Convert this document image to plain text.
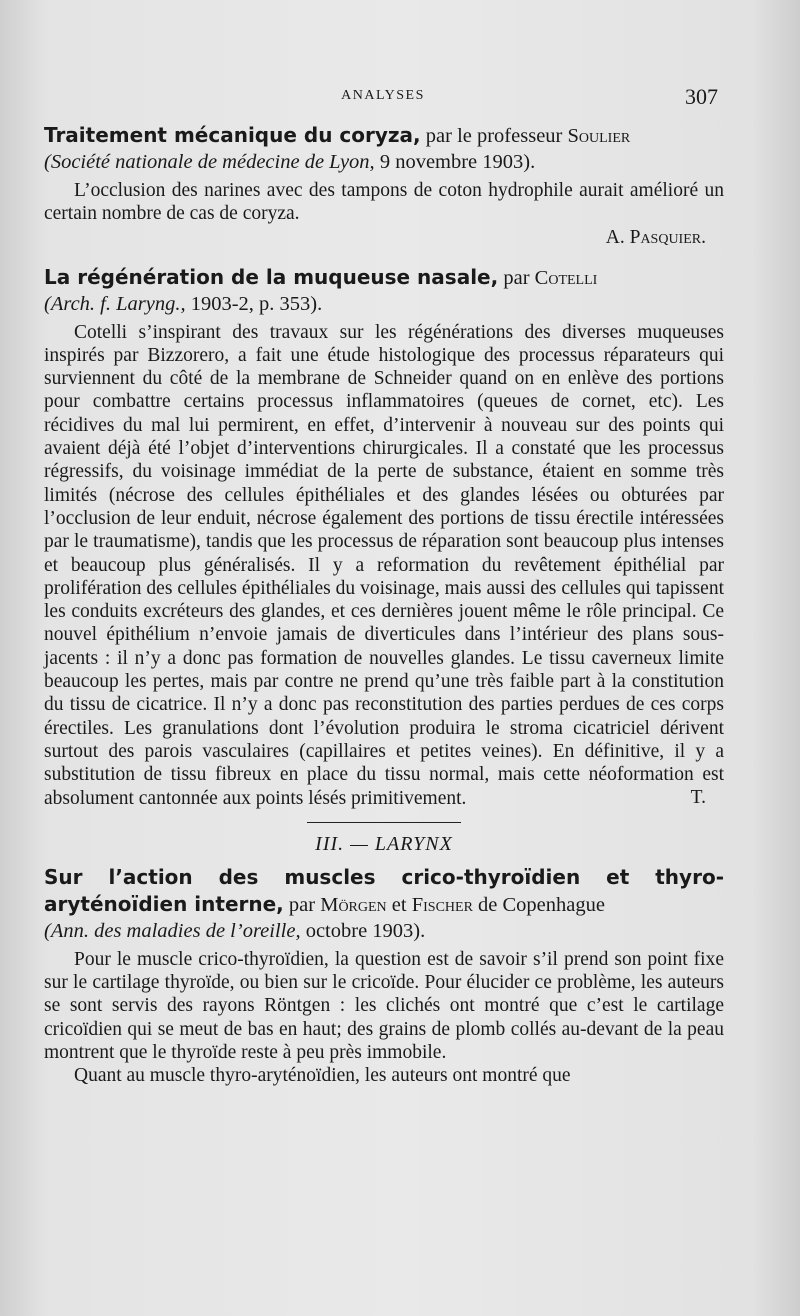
ANALYSES	307

Traitement mécanique du coryza, par le professeur Soulier
(Société nationale de médecine de Lyon, 9 novembre 1903).

L’occlusion des narines avec des tampons de coton hydrophile aurait amélioré un certain nombre de cas de coryza.

A. Pasquier.

La régénération de la muqueuse nasale, par Cotelli
(Arch. f. Laryng., 1903-2, p. 353).

Cotelli s’inspirant des travaux sur les régénérations des diverses muqueuses inspirés par Bizzorero, a fait une étude histologique des processus réparateurs qui surviennent du côté de la membrane de Schneider quand on en enlève des portions pour combattre certains processus inflammatoires (queues de cornet, etc). Les récidives du mal lui permirent, en effet, d’intervenir à nouveau sur des points qui avaient déjà été l’objet d’interventions chirurgicales. Il a constaté que les processus régressifs, du voisinage immédiat de la perte de substance, étaient en somme très limités (nécrose des cellules épithéliales et des glandes lésées ou obturées par l’occlusion de leur enduit, nécrose également des portions de tissu érectile intéressées par le traumatisme), tandis que les processus de réparation sont beaucoup plus intenses et beaucoup plus généralisés. Il y a reformation du revêtement épithélial par prolifération des cellules épithéliales du voisinage, mais aussi des cellules qui tapissent les conduits excréteurs des glandes, et ces dernières jouent même le rôle principal. Ce nouvel épithélium n’envoie jamais de diverticules dans l’intérieur des plans sous-jacents : il n’y a donc pas formation de nouvelles glandes. Le tissu caverneux limite beaucoup les pertes, mais par contre ne prend qu’une très faible part à la constitution du tissu de cicatrice. Il n’y a donc pas reconstitution des parties perdues de ces corps érectiles. Les granulations dont l’évolution produira le stroma cicatriciel dérivent surtout des parois vasculaires (capillaires et petites veines). En définitive, il y a substitution de tissu fibreux en place du tissu normal, mais cette néoformation est absolument cantonnée aux points lésés primitivement.	T.

III. — LARYNX

Sur l’action des muscles crico-thyroïdien et thyro-aryténoïdien interne, par Mörgen et Fischer de Copenhague
(Ann. des maladies de l’oreille, octobre 1903).

Pour le muscle crico-thyroïdien, la question est de savoir s’il prend son point fixe sur le cartilage thyroïde, ou bien sur le cricoïde. Pour élucider ce problème, les auteurs se sont servis des rayons Röntgen : les clichés ont montré que c’est le cartilage cricoïdien qui se meut de bas en haut; des grains de plomb collés au-devant de la peau montrent que le thyroïde reste à peu près immobile.

Quant au muscle thyro-aryténoïdien, les auteurs ont montré que
